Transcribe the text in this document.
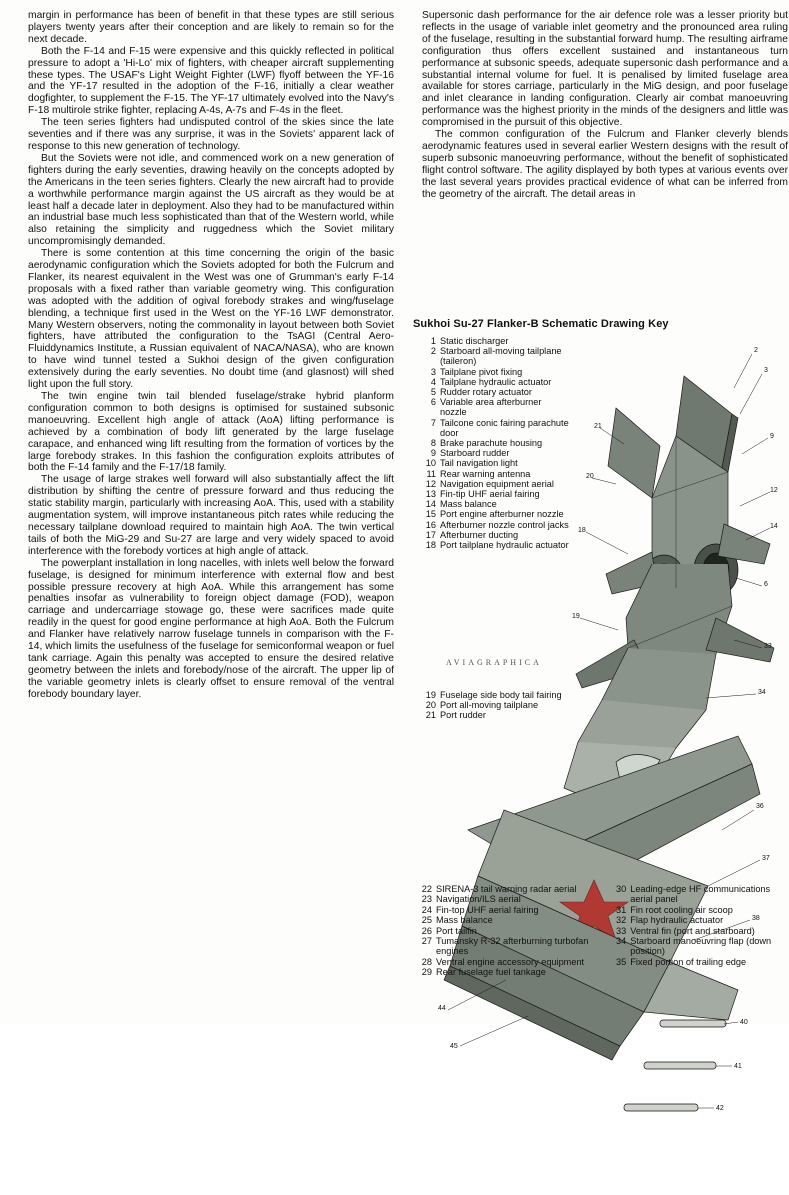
margin in performance has been of benefit in that these types are still serious players twenty years after their conception and are likely to remain so for the next decade.

Both the F-14 and F-15 were expensive and this quickly reflected in political pressure to adopt a 'Hi-Lo' mix of fighters, with cheaper aircraft supplementing these types. The USAF's Light Weight Fighter (LWF) flyoff between the YF-16 and the YF-17 resulted in the adoption of the F-16, initially a clear weather dogfighter, to supplement the F-15. The YF-17 ultimately evolved into the Navy's F-18 multirole strike fighter, replacing A-4s, A-7s and F-4s in the fleet.

The teen series fighters had undisputed control of the skies since the late seventies and if there was any surprise, it was in the Soviets' apparent lack of response to this new generation of technology.

But the Soviets were not idle, and commenced work on a new generation of fighters during the early seventies, drawing heavily on the concepts adopted by the Americans in the teen series fighters. Clearly the new aircraft had to provide a worthwhile performance margin against the US aircraft as they would be at least half a decade later in deployment. Also they had to be manufactured within an industrial base much less sophisticated than that of the Western world, while also retaining the simplicity and ruggedness which the Soviet military uncompromisingly demanded.

There is some contention at this time concerning the origin of the basic aerodynamic configuration which the Soviets adopted for both the Fulcrum and Flanker, its nearest equivalent in the West was one of Grumman's early F-14 proposals with a fixed rather than variable geometry wing. This configuration was adopted with the addition of ogival forebody strakes and wing/fuselage blending, a technique first used in the West on the YF-16 LWF demonstrator. Many Western observers, noting the commonality in layout between both Soviet fighters, have attributed the configuration to the TsAGI (Central Aero-Fluiddynamics Institute, a Russian equivalent of NACA/NASA), who are known to have wind tunnel tested a Sukhoi design of the given configuration extensively during the early seventies. No doubt time (and glasnost) will shed light upon the full story.

The twin engine twin tail blended fuselage/strake hybrid planform configuration common to both designs is optimised for sustained subsonic manoeuvring. Excellent high angle of attack (AoA) lifting performance is achieved by a combination of body lift generated by the large fuselage carapace, and enhanced wing lift resulting from the formation of vortices by the large forebody strakes. In this fashion the configuration exploits attributes of both the F-14 family and the F-17/18 family.

The usage of large strakes well forward will also substantially affect the lift distribution by shifting the centre of pressure forward and thus reducing the static stability margin, particularly with increasing AoA. This, used with a stability augmentation system, will improve instantaneous pitch rates while reducing the necessary tailplane download required to maintain high AoA. The twin vertical tails of both the MiG-29 and Su-27 are large and very widely spaced to avoid interference with the forebody vortices at high angle of attack.

The powerplant installation in long nacelles, with inlets well below the forward fuselage, is designed for minimum interference with external flow and best possible pressure recovery at high AoA. While this arrangement has some penalties insofar as vulnerability to foreign object damage (FOD), weapon carriage and undercarriage stowage go, these were sacrifices made quite readily in the quest for good engine performance at high AoA. Both the Fulcrum and Flanker have relatively narrow fuselage tunnels in comparison with the F-14, which limits the usefulness of the fuselage for semiconformal weapon or fuel tank carriage. Again this penalty was accepted to ensure the desired relative geometry between the inlets and forebody/nose of the aircraft. The upper lip of the variable geometry inlets is clearly offset to ensure removal of the ventral forebody boundary layer.

Supersonic dash performance for the air defence role was a lesser priority but reflects in the usage of variable inlet geometry and the pronounced area ruling of the fuselage, resulting in the substantial forward hump. The resulting airframe configuration thus offers excellent sustained and instantaneous turn performance at subsonic speeds, adequate supersonic dash performance and a substantial internal volume for fuel. It is penalised by limited fuselage area available for stores carriage, particularly in the MiG design, and poor fuselage and inlet clearance in landing configuration. Clearly air combat manoeuvring performance was the highest priority in the minds of the designers and little was compromised in the pursuit of this objective.

The common configuration of the Fulcrum and Flanker cleverly blends aerodynamic features used in several earlier Western designs with the result of superb subsonic manoeuvring performance, without the benefit of sophisticated flight control software. The agility displayed by both types at various events over the last several years provides practical evidence of what can be inferred from the geometry of the aircraft. The detail areas in

Sukhoi Su-27 Flanker-B Schematic Drawing Key
1 Static discharger
2 Starboard all-moving tailplane (taileron)
3 Tailplane pivot fixing
4 Tailplane hydraulic actuator
5 Rudder rotary actuator
6 Variable area afterburner nozzle
7 Tailcone conic fairing parachute door
8 Brake parachute housing
9 Starboard rudder
10 Tail navigation light
11 Rear warning antenna
12 Navigation equipment aerial
13 Fin-tip UHF aerial fairing
14 Mass balance
15 Port engine afterburner nozzle
16 Afterburner nozzle control jacks
17 Afterburner ducting
18 Port tailplane hydraulic actuator
19 Fuselage side body tail fairing
20 Port all-moving tailplane
21 Port rudder
AVIAGRAPHICA
2
3
9
12
14
6
21
20
18
19
33
34
36
37
38
40
41
42
44
45
22 SIRENA-3 tail warning radar aerial
23 Navigation/ILS aerial
24 Fin-top UHF aerial fairing
25 Mass balance
26 Port tailfin
27 Tumansky R-32 afterburning turbofan engines
28 Ventral engine accessory equipment
29 Rear fuselage fuel tankage
30 Leading-edge HF communications aerial panel
31 Fin root cooling air scoop
32 Flap hydraulic actuator
33 Ventral fin (port and starboard)
34 Starboard manoeuvring flap (down position)
35 Fixed portion of trailing edge
